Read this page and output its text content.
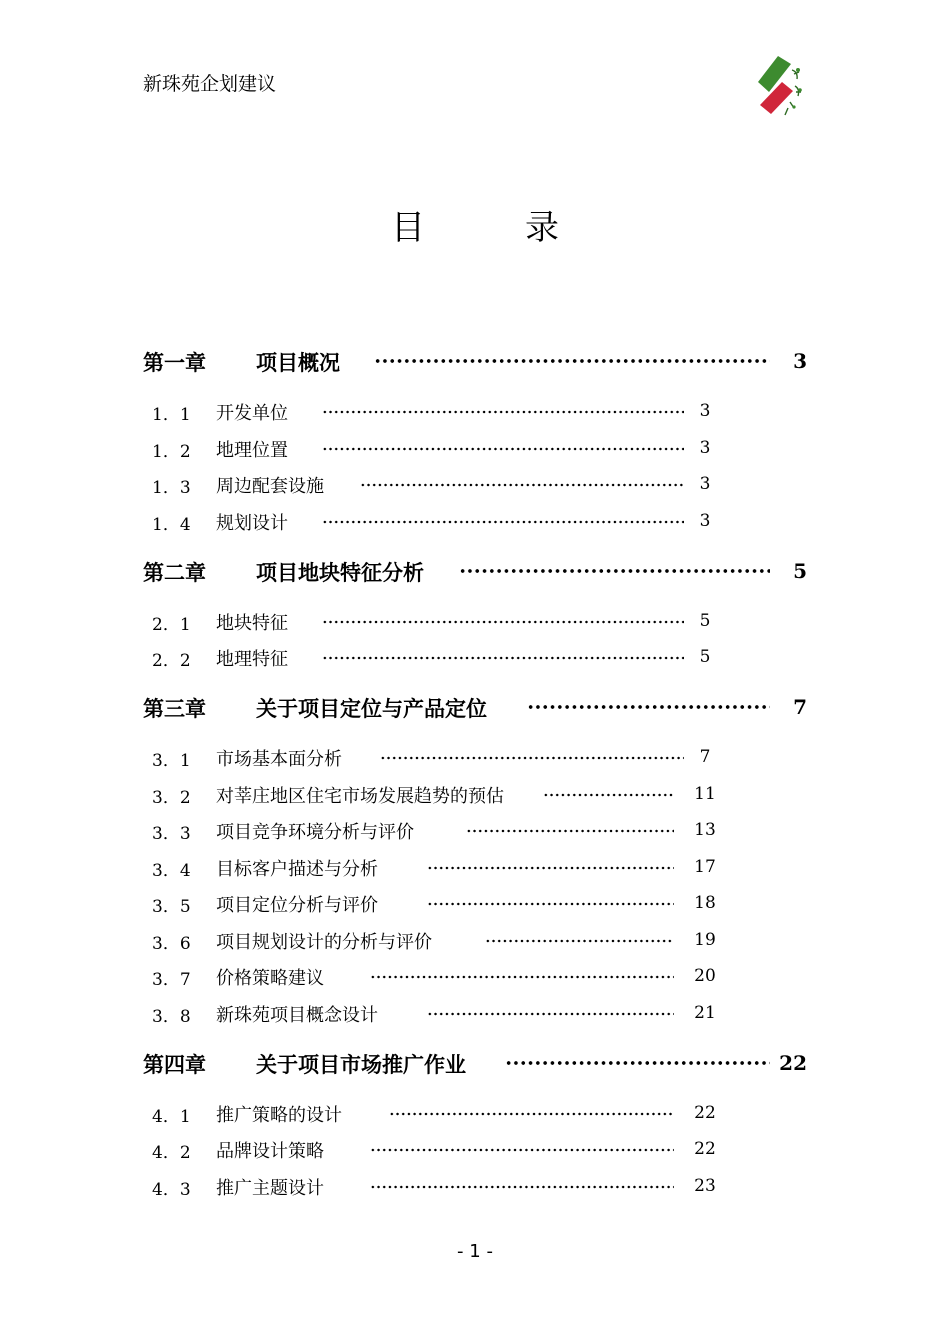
新珠苑企划建议
目录
第一章 项目概况	3
1．1 开发单位	3
1．2 地理位置	3
1．3 周边配套设施	3
1．4 规划设计	3
第二章 项目地块特征分析	5
2．1 地块特征	5
2．2 地理特征	5
第三章 关于项目定位与产品定位	7
3．1 市场基本面分析	7
3．2 对莘庄地区住宅市场发展趋势的预估	11
3．3 项目竞争环境分析与评价	13
3．4 目标客户描述与分析	17
3．5 项目定位分析与评价	18
3．6 项目规划设计的分析与评价	19
3．7 价格策略建议	20
3．8 新珠苑项目概念设计	21
第四章 关于项目市场推广作业	22
4．1 推广策略的设计	22
4．2 品牌设计策略	22
4．3 推广主题设计	23
- 1 -
